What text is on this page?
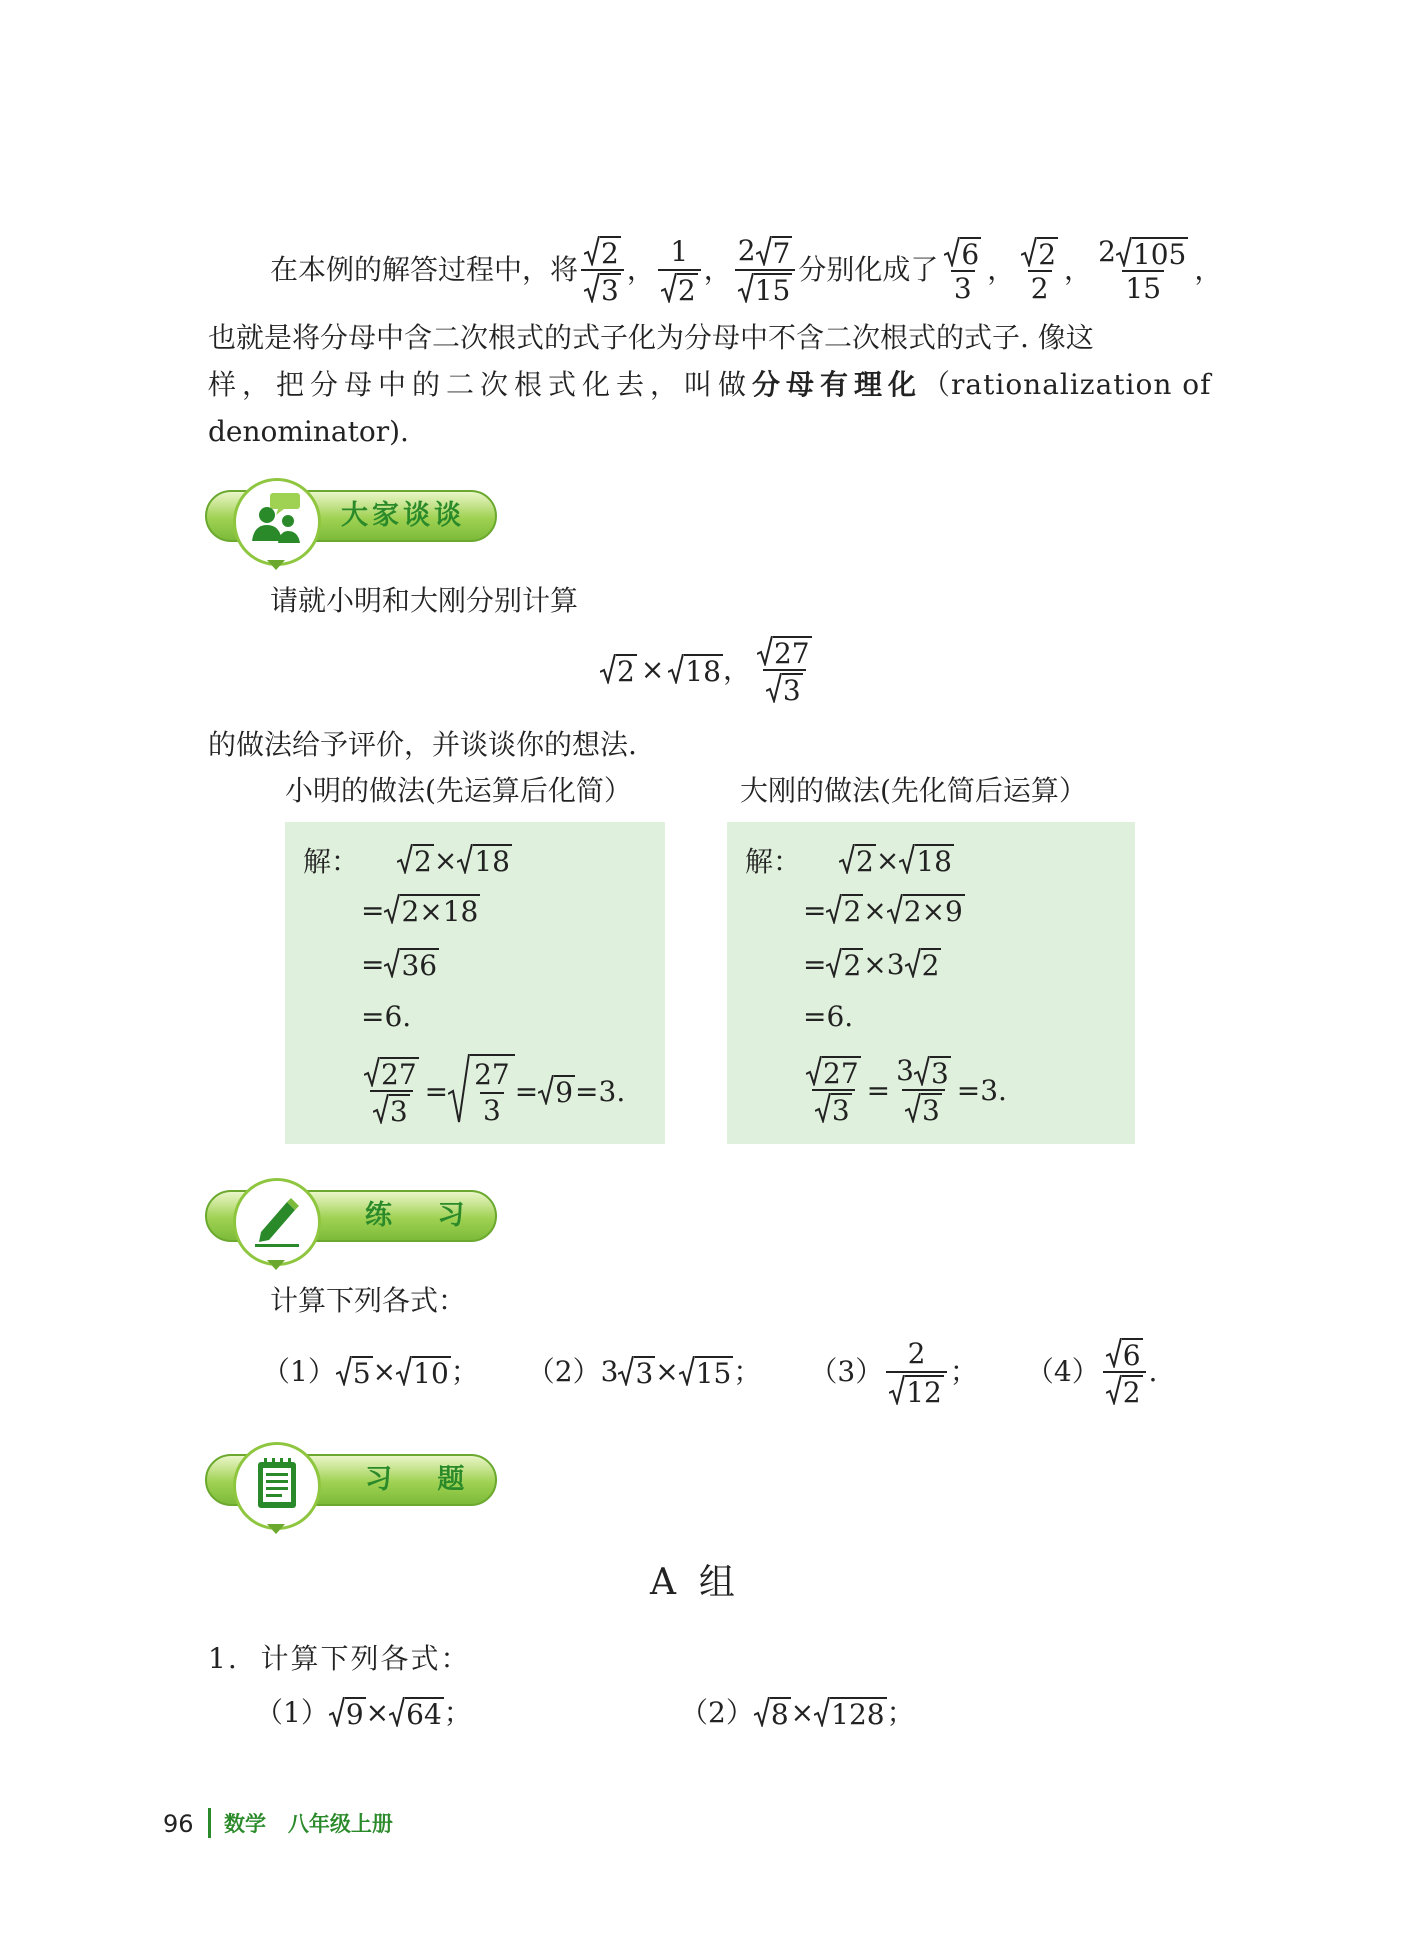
在本例的解答过程中，将 $\frac{2}{3}$ ， $\frac{1}{2}$ ， $\frac{2 7}{15}$ 分别化成了 $\frac{6}{3}$ ， $\frac{2}{2}$ ， $\frac{2 105}{15}$ ，
也就是将分母中含二次根式的式子化为分母中不含二次根式的式子. 像这
样，把分母中的二次根式化去，叫做分母有理化（rationalization of
denominator).
大家谈谈
请就小明和大刚分别计算
2 × 18 ， $\frac{27}{3}$
的做法给予评价，并谈谈你的想法.
小明的做法(先运算后化简）	大刚的做法(先化简后运算）
解： 2 × 18
= 2×18
= 36
=6.
$\frac{27}{3} = \frac{27}{3} = 9 =3$.
解： 2 × 18
= 2 × 2×9
= 2 ×3 2
=6.
$\frac{27}{3} = \frac{3 3}{3} =3$.
练 习
计算下列各式：
（1） 5 × 10 ； （2） 3 3 × 15 ； $(3) \frac{2}{12}$ ； $(4) \frac{6}{2}$ .
习 题
A  组
1.  计算下列各式：
（1） 9 × 64 ；	（2） 8 × 128 ；
96 数学   八年级上册
